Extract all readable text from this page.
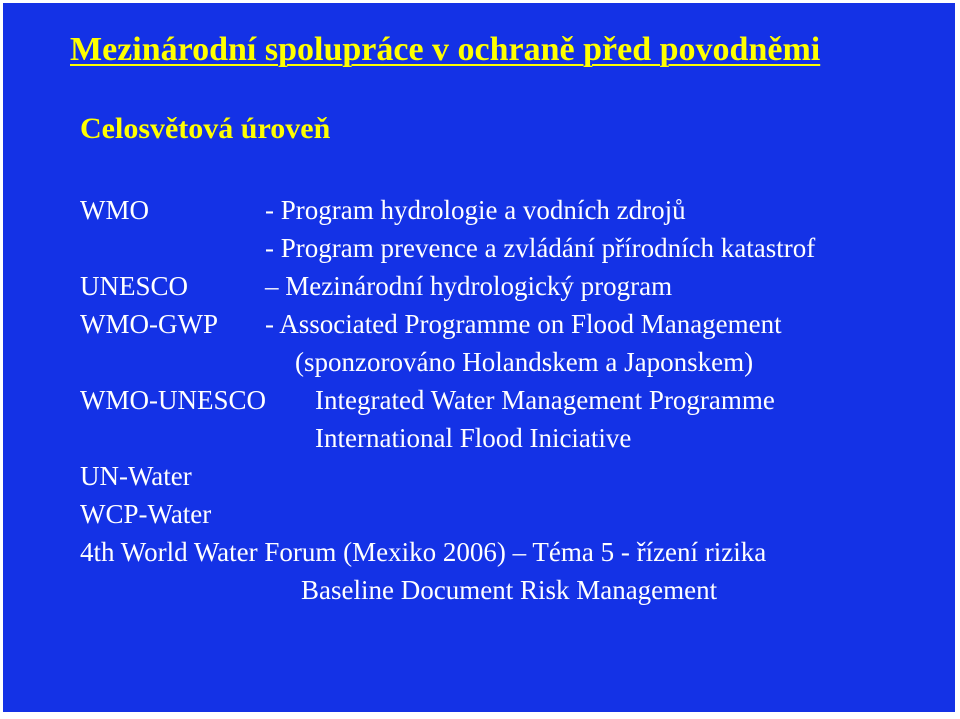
Mezinárodní spolupráce v ochraně před povodněmi
Celosvětová úroveň
WMO	- Program hydrologie a vodních zdrojů
- Program prevence a zvládání přírodních katastrof
UNESCO	– Mezinárodní hydrologický program
WMO-GWP - Associated Programme on Flood Management
(sponzorováno Holandskem a Japonskem)
WMO-UNESCO Integrated Water Management Programme
International Flood Iniciative
UN-Water
WCP-Water
4th World Water Forum (Mexiko 2006) – Téma 5 - řízení rizika
Baseline Document Risk Management
